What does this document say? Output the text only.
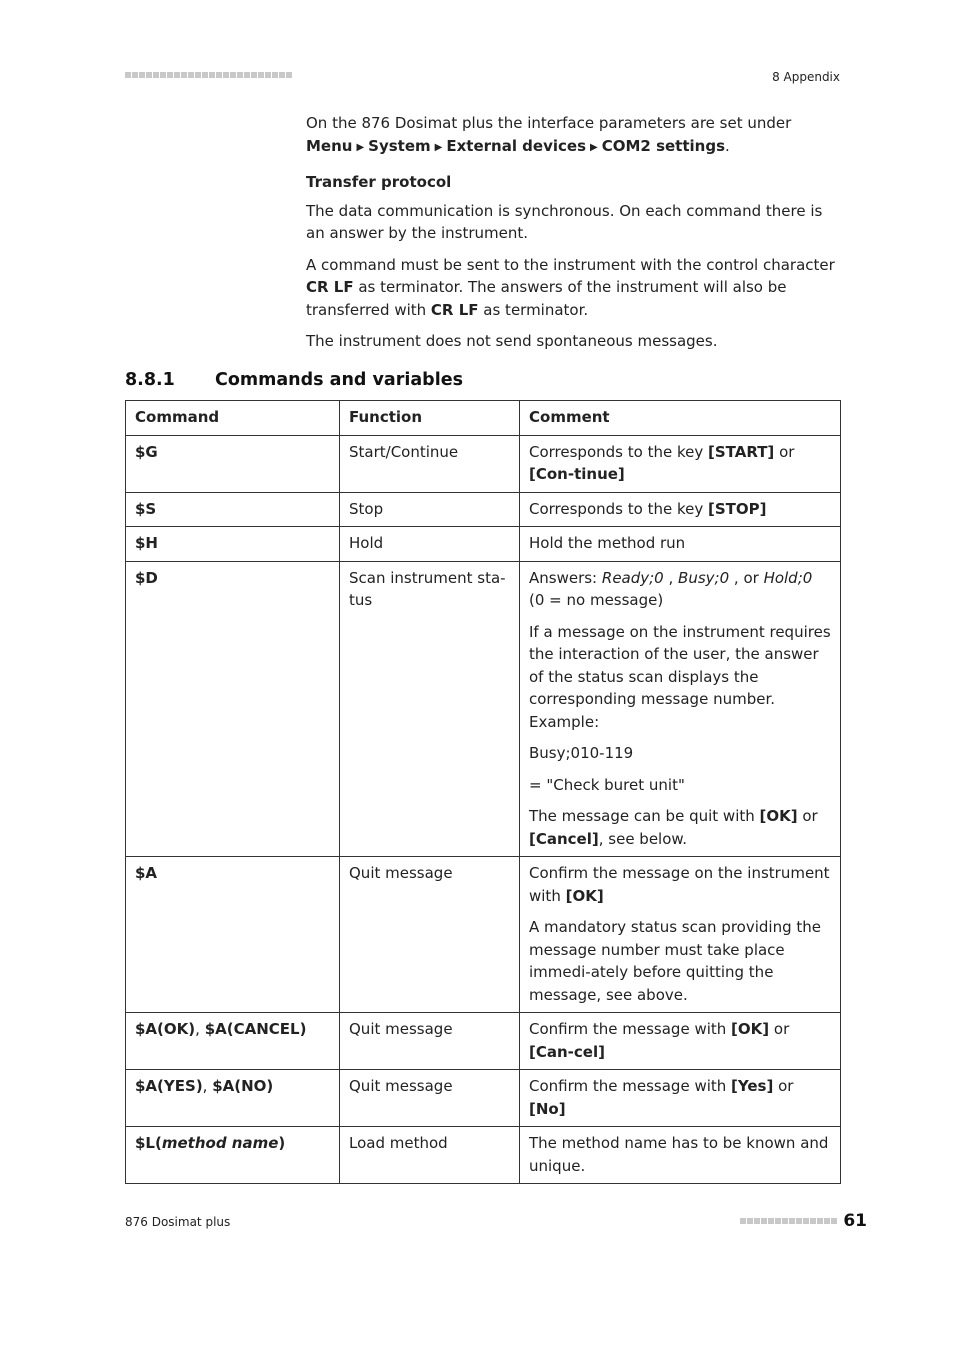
8 Appendix

On the 876 Dosimat plus the interface parameters are set under
Menu ▶ System ▶ External devices ▶ COM2 settings.

Transfer protocol

The data communication is synchronous. On each command there is an answer by the instrument.

A command must be sent to the instrument with the control character CR LF as terminator. The answers of the instrument will also be transferred with CR LF as terminator.

The instrument does not send spontaneous messages.

8.8.1 Commands and variables
Command	Function	Comment
$G	Start/Continue	Corresponds to the key [START] or [Con-tinue]
$S	Stop	Corresponds to the key [STOP]
$H	Hold	Hold the method run
$D	Scan instrument sta-tus	Answers: Ready;0 , Busy;0 , or Hold;0 (0 = no message)

If a message on the instrument requires the interaction of the user, the answer of the status scan displays the corresponding message number. Example:

Busy;010-119

= "Check buret unit"

The message can be quit with [OK] or [Cancel], see below.

$A	Quit message	Confirm the message on the instrument with [OK]

A mandatory status scan providing the message number must take place immedi-ately before quitting the message, see above.

$A(OK), $A(CANCEL)	Quit message	Confirm the message with [OK] or [Can-cel]
$A(YES), $A(NO)	Quit message	Confirm the message with [Yes] or [No]
$L(method name)	Load method	The method name has to be known and unique.
876 Dosimat plus	61
